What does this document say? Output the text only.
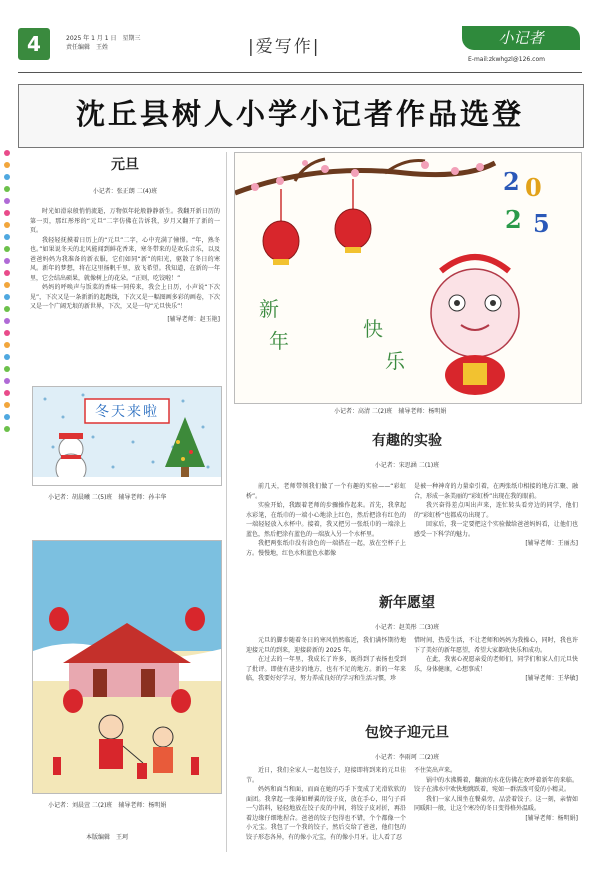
4	2025 年 1 月 1 日　星期三
责任编辑　王姓	|爱写作|	小记者
E-mail:zkwhgzl@126.com
沈丘县树人小学小记者作品选登
元旦
小记者：张正朗 二(4)班

时光如滑泉般悄悄流逝，万物似年轮般静静新生。我翻开新日历的第一页，那红彤彤的“元旦”二字仿佛在告诉我，岁月又翻开了新的一页。

我轻轻抚摸着日历上的“元旦”二字，心中充满了憧憬。“年，熟冬也。”如果说冬天的北风能闻到鲜花香来，寒冬带来的是欢乐音乐，以及爸爸妈妈为我准备的新衣服，它们如同“新”的阳光，驱散了冬日的寒风。新年的梦想，将在这里扬帆千里，放飞希望。我知道，在新的一年里，它会结出硕果，就像树上的花朵。“正则，吃饺啦！”

妈妈的呼唤声与饭菜的香味一同传来，我会上日历，小声说“下次见”，下次又是一条新新的起跑线，下次又是一幅图画多彩的画卷，下次又是一个广阔无垠的新世界，下次，又是一句“元旦快乐”！

[辅导老师：赵玉艳]
冬天来啦
小记者：胡晨曦 二(5)班　辅导老师：孙丰华
小记者：刘晨萱 二(2)班　辅导老师：杨明娟
本版编辑　王珂
2 0
2 5
新
年	快
乐
小记者：高清 二(2)班　辅导老师：杨明娟
有趣的实验
小记者：宋思涵 二(1)班

前几天，老师带领我们做了一个有趣的实验——“彩虹桥”。

实验开始，我跟着老师的步骤操作起来。首先，我拿起水彩笔，在纸巾的一端小心地涂上红色，然后把涂有红色的一端轻轻放入水杯中。接着，我又把另一张纸巾的一端涂上蓝色，然后把涂有蓝色的一端放入另一个水杯里。

我把两张纸巾没有涂色的一端搭在一起，放在空杯子上方。慢慢地，红色水和蓝色水都像

是被一种神奇的力量牵引着，在两张纸巾相接的地方汇聚、融合，形成一条美丽的“彩虹桥”出现在我的眼前。

我兴奋得差点叫出声来，连忙转头看旁边的同学，他们的“彩虹桥”也都成功出现了。

回家后，我一定要把这个实验做给爸爸妈妈看，让他们也感受一下科学的魅力。

[辅导老师：王丽杰]
新年愿望
小记者：赵美彤 二(3)班

元旦的脚步随着冬日的寒风悄然临近，我们满怀期待地迎接元旦的到来，迎接崭新的 2025 年。

在过去的一年里，我成长了许多，既得到了表扬也受到了批评。即使有进步的地方，也有不足的地方。新的一年来临，我要好好学习，努力养成良好的学习和生活习惯，珍

惜时间，热爱生活，不让老师和妈妈为我操心，同时，我也许下了美好的新年愿望，希望大家都收快乐和成功。

在此，我衷心祝愿亲爱的老师们，同学们和家人们元旦快乐，身体健康，心想事成！

[辅导老师：王华敏]
包饺子迎元旦
小记者：李雨珂 二(2)班

近日，我们全家人一起包饺子，迎接即将到来的元旦佳节。

妈妈和面当和面，而面在她的巧手下变成了光滑软软的面团。我拿起一张薄如蝉翼的饺子皮，放在手心，用勺子舀一勺馅料，轻轻地放在饺子皮的中间，将饺子皮对折，再沿着边缘仔细地捏合。爸爸的饺子包得也不错，个个都像一个小元宝。我包了一个我的饺子，然后交给了爸爸，他们包的饺子形态各异，有的像小元宝，有的像小月牙。让人看了忍

不住笑出声来。

锅中的水沸腾着，翻滚的水花仿佛在欢呼着新年的来临。饺子在沸水中欢快地跳跃着，宛如一群活泼可爱的小精灵。

我们一家人围坐在餐桌旁，品尝着饺子。这一刻，亲情如同暖阳一般，让这个寒冷的冬日变得格外温暖。

[辅导老师：杨明娟]
